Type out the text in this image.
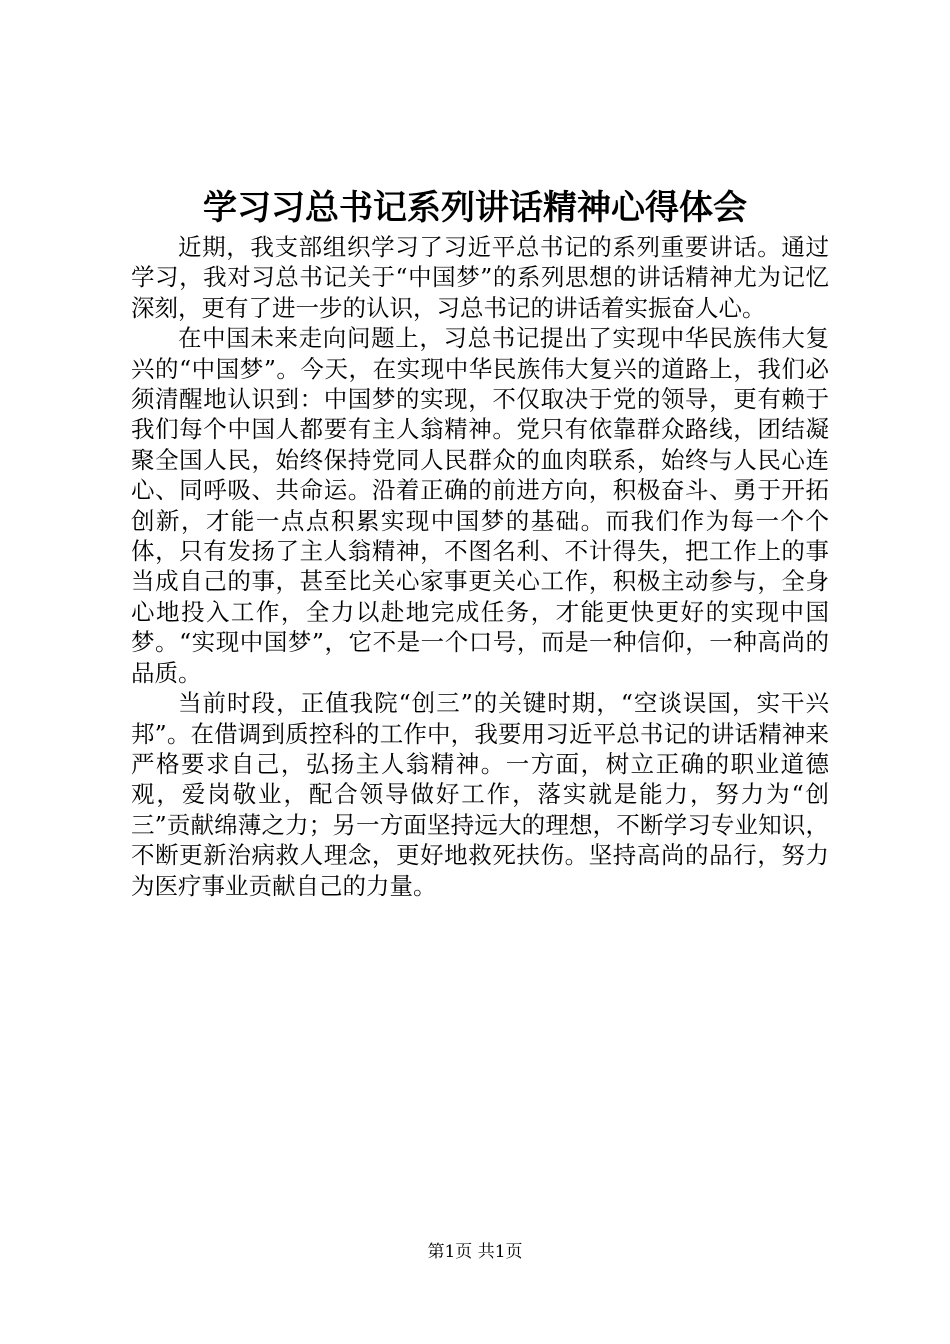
学习习总书记系列讲话精神心得体会

近期，我支部组织学习了习近平总书记的系列重要讲话。通过学习，我对习总书记关于“中国梦”的系列思想的讲话精神尤为记忆深刻，更有了进一步的认识，习总书记的讲话着实振奋人心。

在中国未来走向问题上，习总书记提出了实现中华民族伟大复兴的“中国梦”。今天，在实现中华民族伟大复兴的道路上，我们必须清醒地认识到：中国梦的实现，不仅取决于党的领导，更有赖于我们每个中国人都要有主人翁精神。党只有依靠群众路线，团结凝聚全国人民，始终保持党同人民群众的血肉联系，始终与人民心连心、同呼吸、共命运。沿着正确的前进方向，积极奋斗、勇于开拓创新，才能一点点积累实现中国梦的基础。而我们作为每一个个体，只有发扬了主人翁精神，不图名利、不计得失，把工作上的事当成自己的事，甚至比关心家事更关心工作，积极主动参与，全身心地投入工作，全力以赴地完成任务，才能更快更好的实现中国梦。“实现中国梦”，它不是一个口号，而是一种信仰，一种高尚的品质。

当前时段，正值我院“创三”的关键时期，“空谈误国，实干兴邦”。在借调到质控科的工作中，我要用习近平总书记的讲话精神来严格要求自己，弘扬主人翁精神。一方面，树立正确的职业道德观，爱岗敬业，配合领导做好工作，落实就是能力，努力为“创三”贡献绵薄之力；另一方面坚持远大的理想，不断学习专业知识，不断更新治病救人理念，更好地救死扶伤。坚持高尚的品行，努力为医疗事业贡献自己的力量。

第1页 共1页
